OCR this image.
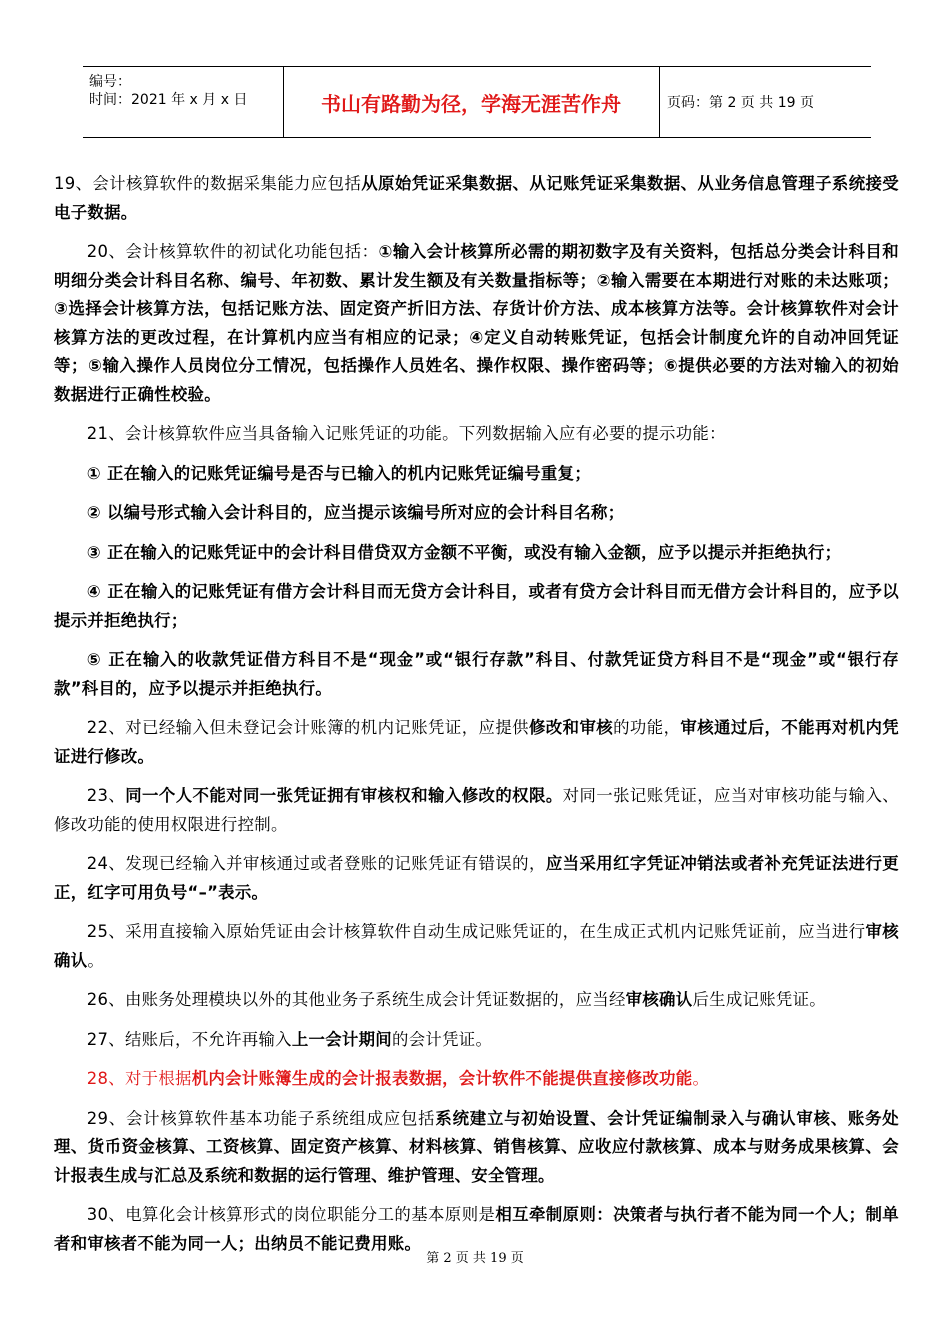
编号：
时间：2021 年 x 月 x 日	书山有路勤为径，学海无涯苦作舟	页码：第 2 页 共 19 页

19、会计核算软件的数据采集能力应包括从原始凭证采集数据、从记账凭证采集数据、从业务信息管理子系统接受电子数据。

20、会计核算软件的初试化功能包括：①输入会计核算所必需的期初数字及有关资料，包括总分类会计科目和明细分类会计科目名称、编号、年初数、累计发生额及有关数量指标等；②输入需要在本期进行对账的未达账项；③选择会计核算方法，包括记账方法、固定资产折旧方法、存货计价方法、成本核算方法等。会计核算软件对会计核算方法的更改过程，在计算机内应当有相应的记录；④定义自动转账凭证，包括会计制度允许的自动冲回凭证等；⑤输入操作人员岗位分工情况，包括操作人员姓名、操作权限、操作密码等；⑥提供必要的方法对输入的初始数据进行正确性校验。

21、会计核算软件应当具备输入记账凭证的功能。下列数据输入应有必要的提示功能：

① 正在输入的记账凭证编号是否与已输入的机内记账凭证编号重复；

② 以编号形式输入会计科目的，应当提示该编号所对应的会计科目名称；

③ 正在输入的记账凭证中的会计科目借贷双方金额不平衡，或没有输入金额，应予以提示并拒绝执行；

④ 正在输入的记账凭证有借方会计科目而无贷方会计科目，或者有贷方会计科目而无借方会计科目的，应予以提示并拒绝执行；

⑤ 正在输入的收款凭证借方科目不是“现金”或“银行存款”科目、付款凭证贷方科目不是“现金”或“银行存款”科目的，应予以提示并拒绝执行。

22、对已经输入但未登记会计账簿的机内记账凭证，应提供修改和审核的功能，审核通过后，不能再对机内凭证进行修改。

23、同一个人不能对同一张凭证拥有审核权和输入修改的权限。对同一张记账凭证，应当对审核功能与输入、修改功能的使用权限进行控制。

24、发现已经输入并审核通过或者登账的记账凭证有错误的，应当采用红字凭证冲销法或者补充凭证法进行更正，红字可用负号“–”表示。

25、采用直接输入原始凭证由会计核算软件自动生成记账凭证的，在生成正式机内记账凭证前，应当进行审核确认。

26、由账务处理模块以外的其他业务子系统生成会计凭证数据的，应当经审核确认后生成记账凭证。

27、结账后，不允许再输入上一会计期间的会计凭证。

28、对于根据机内会计账簿生成的会计报表数据，会计软件不能提供直接修改功能。

29、会计核算软件基本功能子系统组成应包括系统建立与初始设置、会计凭证编制录入与确认审核、账务处理、货币资金核算、工资核算、固定资产核算、材料核算、销售核算、应收应付款核算、成本与财务成果核算、会计报表生成与汇总及系统和数据的运行管理、维护管理、安全管理。

30、电算化会计核算形式的岗位职能分工的基本原则是相互牵制原则：决策者与执行者不能为同一个人；制单者和审核者不能为同一人；出纳员不能记费用账。

第 2 页 共 19 页
